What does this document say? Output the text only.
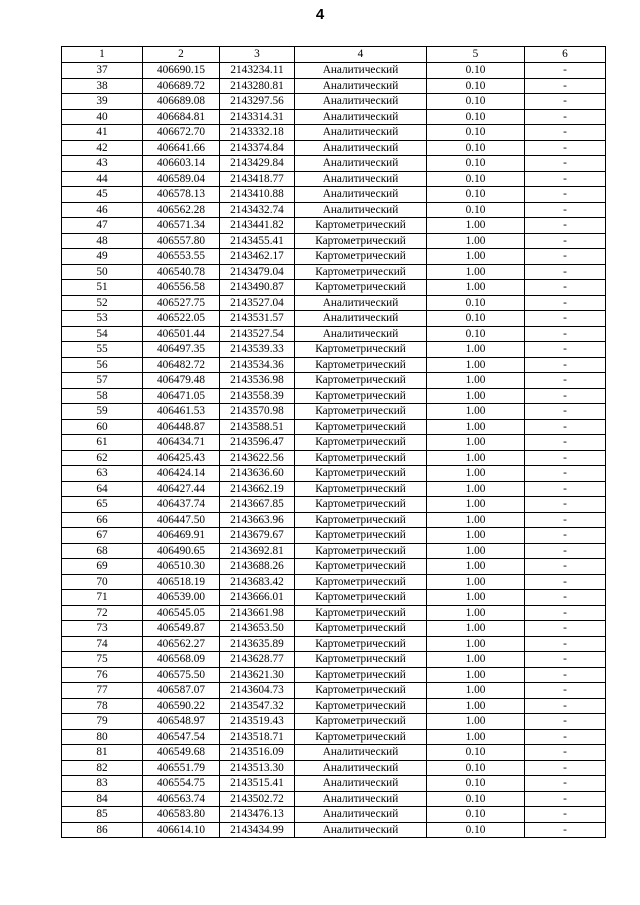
4
1	2	3	4	5	6
37	406690.15	2143234.11	Аналитический	0.10	-
38	406689.72	2143280.81	Аналитический	0.10	-
39	406689.08	2143297.56	Аналитический	0.10	-
40	406684.81	2143314.31	Аналитический	0.10	-
41	406672.70	2143332.18	Аналитический	0.10	-
42	406641.66	2143374.84	Аналитический	0.10	-
43	406603.14	2143429.84	Аналитический	0.10	-
44	406589.04	2143418.77	Аналитический	0.10	-
45	406578.13	2143410.88	Аналитический	0.10	-
46	406562.28	2143432.74	Аналитический	0.10	-
47	406571.34	2143441.82	Картометрический	1.00	-
48	406557.80	2143455.41	Картометрический	1.00	-
49	406553.55	2143462.17	Картометрический	1.00	-
50	406540.78	2143479.04	Картометрический	1.00	-
51	406556.58	2143490.87	Картометрический	1.00	-
52	406527.75	2143527.04	Аналитический	0.10	-
53	406522.05	2143531.57	Аналитический	0.10	-
54	406501.44	2143527.54	Аналитический	0.10	-
55	406497.35	2143539.33	Картометрический	1.00	-
56	406482.72	2143534.36	Картометрический	1.00	-
57	406479.48	2143536.98	Картометрический	1.00	-
58	406471.05	2143558.39	Картометрический	1.00	-
59	406461.53	2143570.98	Картометрический	1.00	-
60	406448.87	2143588.51	Картометрический	1.00	-
61	406434.71	2143596.47	Картометрический	1.00	-
62	406425.43	2143622.56	Картометрический	1.00	-
63	406424.14	2143636.60	Картометрический	1.00	-
64	406427.44	2143662.19	Картометрический	1.00	-
65	406437.74	2143667.85	Картометрический	1.00	-
66	406447.50	2143663.96	Картометрический	1.00	-
67	406469.91	2143679.67	Картометрический	1.00	-
68	406490.65	2143692.81	Картометрический	1.00	-
69	406510.30	2143688.26	Картометрический	1.00	-
70	406518.19	2143683.42	Картометрический	1.00	-
71	406539.00	2143666.01	Картометрический	1.00	-
72	406545.05	2143661.98	Картометрический	1.00	-
73	406549.87	2143653.50	Картометрический	1.00	-
74	406562.27	2143635.89	Картометрический	1.00	-
75	406568.09	2143628.77	Картометрический	1.00	-
76	406575.50	2143621.30	Картометрический	1.00	-
77	406587.07	2143604.73	Картометрический	1.00	-
78	406590.22	2143547.32	Картометрический	1.00	-
79	406548.97	2143519.43	Картометрический	1.00	-
80	406547.54	2143518.71	Картометрический	1.00	-
81	406549.68	2143516.09	Аналитический	0.10	-
82	406551.79	2143513.30	Аналитический	0.10	-
83	406554.75	2143515.41	Аналитический	0.10	-
84	406563.74	2143502.72	Аналитический	0.10	-
85	406583.80	2143476.13	Аналитический	0.10	-
86	406614.10	2143434.99	Аналитический	0.10	-
